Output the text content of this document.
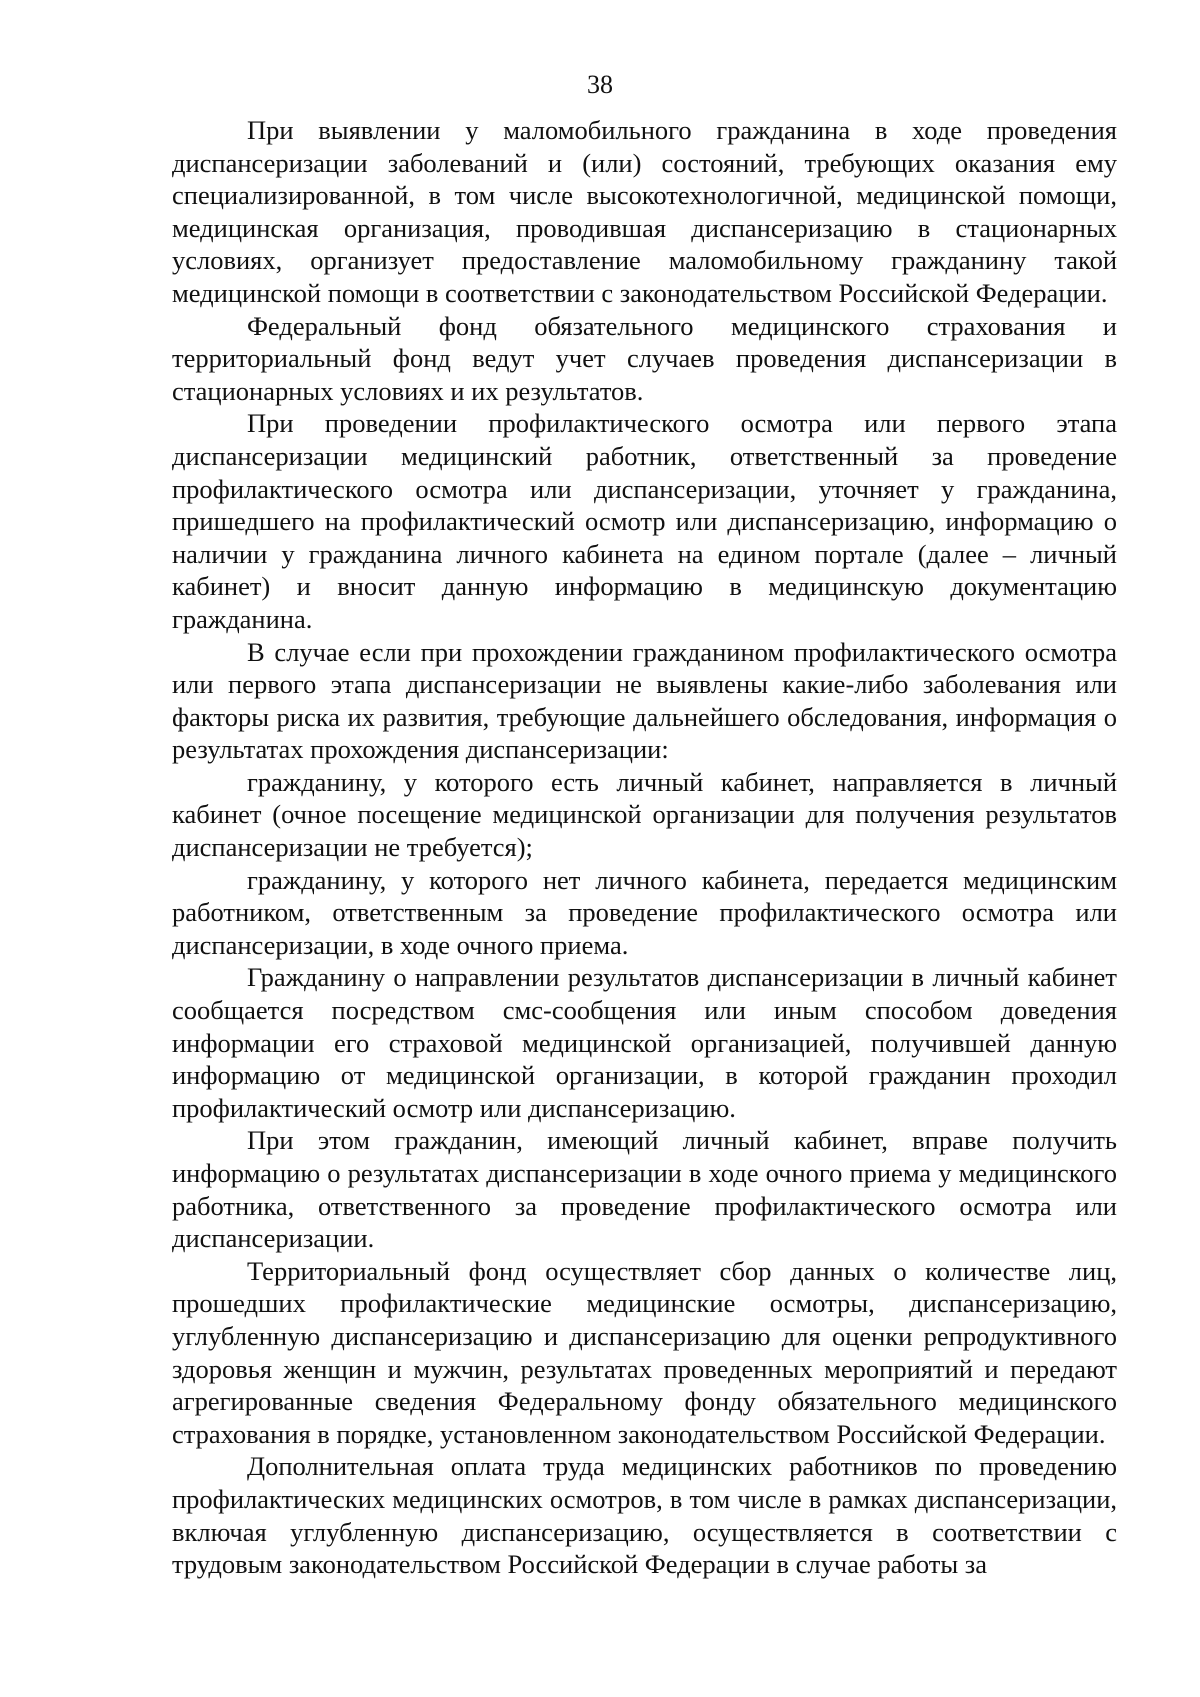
38

При выявлении у маломобильного гражданина в ходе проведения диспансеризации заболеваний и (или) состояний, требующих оказания ему специализированной, в том числе высокотехнологичной, медицинской помощи, медицинская организация, проводившая диспансеризацию в стационарных условиях, организует предоставление маломобильному гражданину такой медицинской помощи в соответствии с законодательством Российской Федерации.

Федеральный фонд обязательного медицинского страхования и территориальный фонд ведут учет случаев проведения диспансеризации в стационарных условиях и их результатов.

При проведении профилактического осмотра или первого этапа диспансеризации медицинский работник, ответственный за проведение профилактического осмотра или диспансеризации, уточняет у гражданина, пришедшего на профилактический осмотр или диспансеризацию, информацию о наличии у гражданина личного кабинета на едином портале (далее – личный кабинет) и вносит данную информацию в медицинскую документацию гражданина.

В случае если при прохождении гражданином профилактического осмотра или первого этапа диспансеризации не выявлены какие-либо заболевания или факторы риска их развития, требующие дальнейшего обследования, информация о результатах прохождения диспансеризации:

гражданину, у которого есть личный кабинет, направляется в личный кабинет (очное посещение медицинской организации для получения результатов диспансеризации не требуется);

гражданину, у которого нет личного кабинета, передается медицинским работником, ответственным за проведение профилактического осмотра или диспансеризации, в ходе очного приема.

Гражданину о направлении результатов диспансеризации в личный кабинет сообщается посредством смс-сообщения или иным способом доведения информации его страховой медицинской организацией, получившей данную информацию от медицинской организации, в которой гражданин проходил профилактический осмотр или диспансеризацию.

При этом гражданин, имеющий личный кабинет, вправе получить информацию о результатах диспансеризации в ходе очного приема у медицинского работника, ответственного за проведение профилактического осмотра или диспансеризации.

Территориальный фонд осуществляет сбор данных о количестве лиц, прошедших профилактические медицинские осмотры, диспансеризацию, углубленную диспансеризацию и диспансеризацию для оценки репродуктивного здоровья женщин и мужчин, результатах проведенных мероприятий и передают агрегированные сведения Федеральному фонду обязательного медицинского страхования в порядке, установленном законодательством Российской Федерации.

Дополнительная оплата труда медицинских работников по проведению профилактических медицинских осмотров, в том числе в рамках диспансеризации, включая углубленную диспансеризацию, осуществляется в соответствии с трудовым законодательством Российской Федерации в случае работы за
